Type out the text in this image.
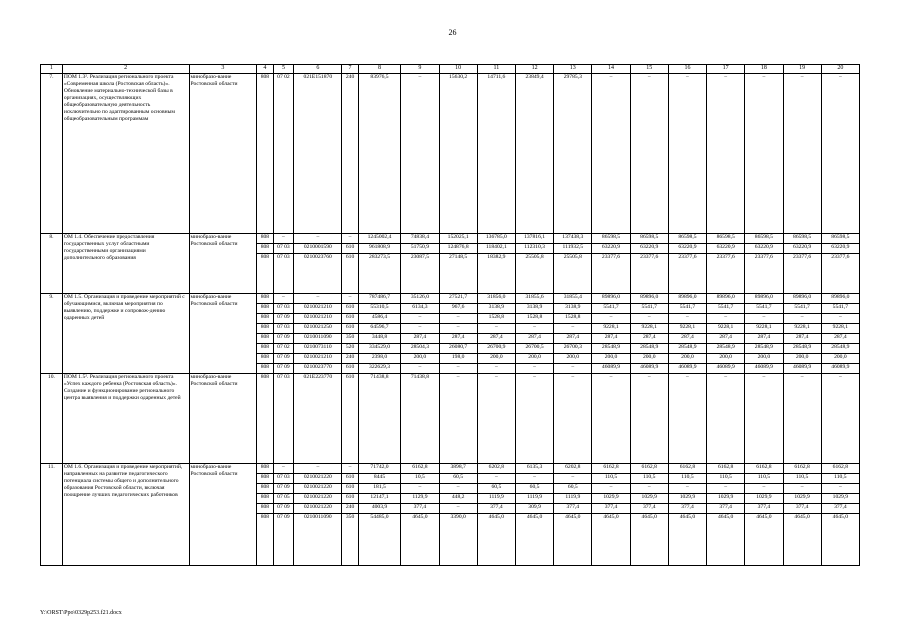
26
1	2	3	4	5	6	7	8	9	10	11	12	13	14	15	16	17	18	19	20
7.	ПОМ 1.3². Реализация регионального проекта «Современная школа (Ростовская область)». Обновление материально-технической базы в организациях, осуществляющих общеобразовательную деятельность исключительно по адаптированным основным общеобразовательным программам	минобразо-вание Ростовской области	808	07 02	021Е151870	240	83976,5	–	15630,2	14711,6	23849,4	29785,3	–	–	–	–	–	–	–
8.	ОМ 1.4. Обеспечение предоставления государственных услуг областными государственными организациями дополнительного образования	минобразо-вание Ростовской области	808	–	–	–	1245002,4	74838,4	152025,1	136785,0	137816,1	137438,3	86598,5	86598,5	86598,5	86598,5	86598,5	86598,5	86598,5
			808	07 03	0210001590	610	961808,9	51750,9	124876,8	118402,1	112310,3	111932,5	63220,9	63220,9	63220,9	63220,9	63220,9	63220,9	63220,9
			808	07 03	0210023760	610	283273,5	23087,5	27148,5	18382,9	25505,8	25505,8	23377,6	23377,6	23377,6	23377,6	23377,6	23377,6	23377,6
9.	ОМ 1.5. Организация и проведение мероприятий с обучающимися, включая мероприятия по выявлению, поддержке и сопровож-дению одаренных детей	минобразо-вание Ростовской области	808	–	–	–	787486,7	35126,0	27521,7	31856,0	31855,6	31855,4	89896,0	89896,0	89896,0	89896,0	89896,0	89896,0	89896,0
			808	07 03	0210021210	610	55310,5	6134,3	967,6	3138,9	3138,9	3138,9	5541,7	5541,7	5541,7	5541,7	5541,7	5541,7	5541,7
			808	07 09	0210021210	610	4586,4	–	–	1528,8	1528,8	1528,8	–	–	–	–	–	–	–
			808	07 03	0210021250	610	64596,7	–	–	–	–	–	9228,1	9228,1	9228,1	9228,1	9228,1	9228,1	9228,1
			808	07 09	0210011090	350	3448,8	287,4	287,4	287,4	287,4	287,4	287,4	287,4	287,4	287,4	287,4	287,4	287,4
			808	07 02	0210073110	520	334529,0	28504,3	26080,7	26700,9	26700,5	26700,3	28548,9	28548,9	28548,9	28548,9	28548,9	28548,9	28548,9
			808	07 09	0210021210	240	2398,0	200,0	198,0	200,0	200,0	200,0	200,0	200,0	200,0	200,0	200,0	200,0	200,0
			808	07 09	0210023770	610	322629,3	–	–	–	–	–	46089,9	46089,9	46089,9	46089,9	46089,9	46089,9	46089,9
10.	ПОМ 1.5². Реализация регионального проекта «Успех каждого ребенка (Ростовская область)». Создание и функционирование регионального центра выявления и поддержки одаренных детей	минобразо-вание Ростовской области	808	07 03	021Е223770	610	71438,8	71438,8	–	–	–	–	–	–	–	–	–	–	–
11.	ОМ 1.6. Организация и проведение мероприятий, направленных на развитие педагогического потенциала системы общего и дополнительного образования Ростовской области, включая поощрение лучших педагогических работников	минобразо-вание Ростовской области	808	–	–	–	71742,0	6162,8	3898,7	6202,8	6135,3	6202,8	6162,8	6162,8	6162,8	6162,8	6162,8	6162,8	6162,8
			808	07 03	0210021220	610	8445	10,5	60,5	–	–	–	110,5	110,5	110,5	110,5	110,5	110,5	110,5
			808	07 09	0210021220	610	181,5	–	–	60,5	60,5	60,5	–	–	–	–	–	–	–
			808	07 05	0210021220	610	12147,1	1129,9	448,2	1119,9	1119,9	1119,9	1029,9	1029,9	1029,9	1029,9	1029,9	1029,9	1029,9
			808	07 09	0210021220	240	4003,9	377,4	–	377,4	309,9	377,4	377,4	377,4	377,4	377,4	377,4	377,4	377,4
			808	07 09	0210011090	350	54485,0	4645,0	3390,0	4645,0	4645,0	4645,0	4645,0	4645,0	4645,0	4645,0	4645,0	4645,0	4645,0
Y:\ORST\Ppo\0329p253.f21.docx
